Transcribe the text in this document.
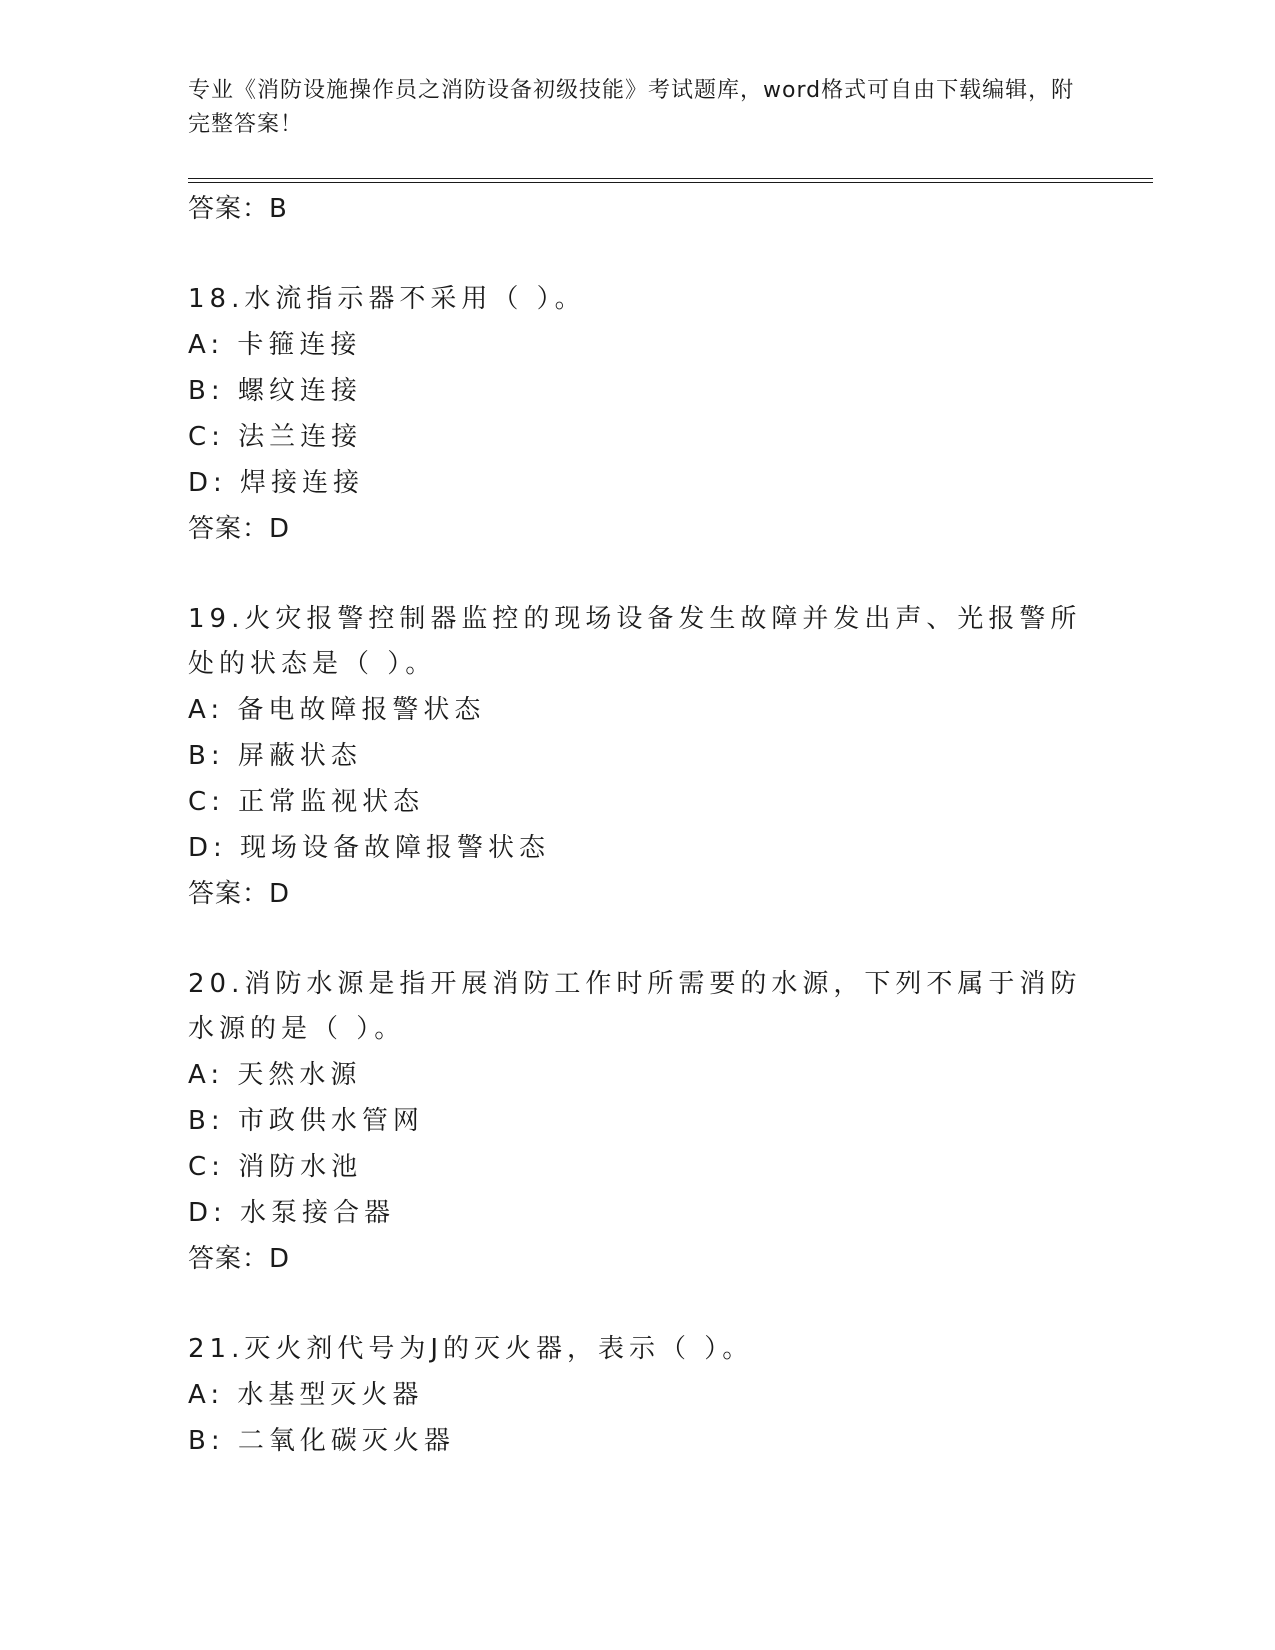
专业《消防设施操作员之消防设备初级技能》考试题库，word格式可自由下载编辑，附完整答案！
答案：B
18.水流指示器不采用（ ）。
A: 卡箍连接
B: 螺纹连接
C: 法兰连接
D: 焊接连接
答案：D
19.火灾报警控制器监控的现场设备发生故障并发出声、光报警所处的状态是（ ）。
A: 备电故障报警状态
B: 屏蔽状态
C: 正常监视状态
D: 现场设备故障报警状态
答案：D
20.消防水源是指开展消防工作时所需要的水源，下列不属于消防水源的是（ ）。
A: 天然水源
B: 市政供水管网
C: 消防水池
D: 水泵接合器
答案：D
21.灭火剂代号为J的灭火器，表示（ ）。
A: 水基型灭火器
B: 二氧化碳灭火器
